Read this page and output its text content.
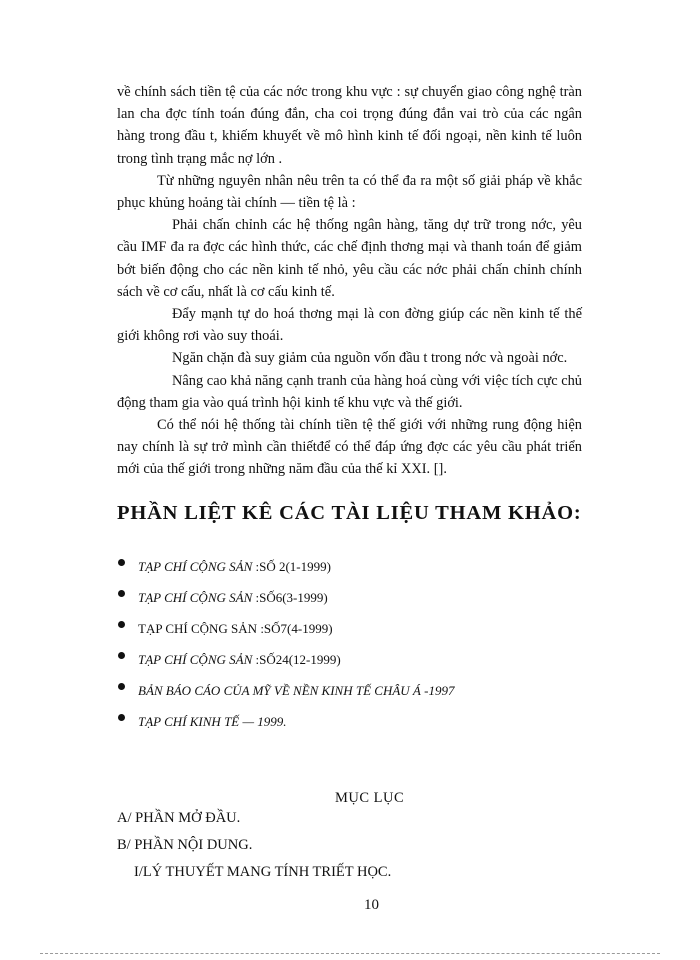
về chính sách tiền tệ của các nớc trong khu vực : sự chuyển giao công nghệ tràn lan cha đợc tính toán đúng đắn, cha coi trọng đúng đắn vai trò của các ngân hàng trong đầu t, khiếm khuyết về mô hình kinh tế đối ngoại, nền kinh tế luôn trong tình trạng mắc nợ lớn .

Từ những nguyên nhân nêu trên ta có thể đa ra một số giải pháp về khắc phục khủng hoảng tài chính — tiền tệ là :

Phải chấn chỉnh các hệ thống ngân hàng, tăng dự trữ trong nớc, yêu cầu IMF đa ra đợc các hình thức, các chế định thơng mại và thanh toán để giảm bớt biến động cho các nền kinh tế nhỏ, yêu cầu các nớc phải chấn chỉnh chính sách về cơ cấu, nhất là cơ cấu kinh tế.

Đẩy mạnh tự do hoá thơng mại là con đờng giúp các nền kinh tế thế giới không rơi vào suy thoái.

Ngăn chặn đà suy giảm của nguồn vốn đầu t trong nớc và ngoài nớc.

Nâng cao khả năng cạnh tranh của hàng hoá cùng với việc tích cực chủ động tham gia vào quá trình hội kinh tế khu vực và thế giới.

Có thể nói hệ thống tài chính tiền tệ thế giới với những rung động hiện nay chính là sự trở mình cần thiếtđể có thể đáp ứng đợc các yêu cầu phát triển mới của thế giới trong những năm đầu của thế kỉ XXI. [].

PHẦN LIỆT KÊ CÁC TÀI LIỆU THAM KHẢO:
TẠP CHÍ CỘNG SẢN :SỐ 2(1-1999)
TẠP CHÍ CỘNG SẢN :SỐ6(3-1999)
TẠP CHÍ CỘNG SẢN :SỐ7(4-1999)
TẠP CHÍ CỘNG SẢN :SỐ24(12-1999)
BẢN BÁO CÁO CỦA MỸ VỀ NỀN KINH TẾ CHÂU Á -1997
TẠP CHÍ KINH TẾ — 1999.
MỤC LỤC
A/ PHẦN MỞ ĐẦU.
B/ PHẦN NỘI DUNG.
I/LÝ THUYẾT MANG TÍNH TRIẾT HỌC.
10
